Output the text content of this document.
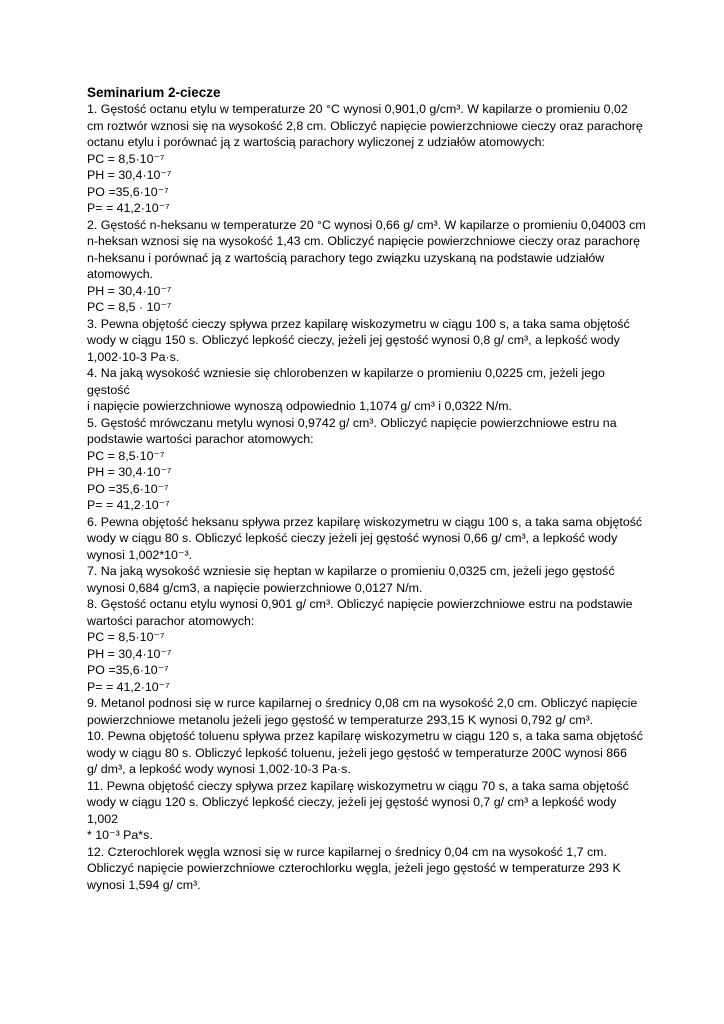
Seminarium 2-ciecze

1. Gęstość octanu etylu w temperaturze 20 °C wynosi 0,901,0 g/cm³. W kapilarze o promieniu 0,02

cm roztwór wznosi się na wysokość 2,8 cm. Obliczyć napięcie powierzchniowe cieczy oraz parachorę

octanu etylu i porównać ją z wartością parachory wyliczonej z udziałów atomowych:

PC = 8,5·10⁻⁷

PH = 30,4·10⁻⁷

PO =35,6·10⁻⁷

P= = 41,2·10⁻⁷

2. Gęstość n-heksanu w temperaturze 20 °C wynosi 0,66 g/ cm³. W kapilarze o promieniu 0,04003 cm

n-heksan wznosi się na wysokość 1,43 cm. Obliczyć napięcie powierzchniowe cieczy oraz parachorę

n-heksanu i porównać ją z wartością parachory tego związku uzyskaną na podstawie udziałów

atomowych.

PH = 30,4·10⁻⁷

PC = 8,5 · 10⁻⁷

3. Pewna objętość cieczy spływa przez kapilarę wiskozymetru w ciągu 100 s, a taka sama objętość

wody w ciągu 150 s. Obliczyć lepkość cieczy, jeżeli jej gęstość wynosi 0,8 g/ cm³, a lepkość wody

1,002·10-3 Pa·s.

4. Na jaką wysokość wzniesie się chlorobenzen w kapilarze o promieniu 0,0225 cm, jeżeli jego gęstość

i napięcie powierzchniowe wynoszą odpowiednio 1,1074 g/ cm³ i 0,0322 N/m.

5. Gęstość mrówczanu metylu wynosi 0,9742 g/ cm³. Obliczyć napięcie powierzchniowe estru na

podstawie wartości parachor atomowych:

PC = 8,5·10⁻⁷

PH = 30,4·10⁻⁷

PO =35,6·10⁻⁷

P= = 41,2·10⁻⁷

6. Pewna objętość heksanu spływa przez kapilarę wiskozymetru w ciągu 100 s, a taka sama objętość

wody w ciągu 80 s. Obliczyć lepkość cieczy jeżeli jej gęstość wynosi 0,66 g/ cm³, a lepkość wody

wynosi 1,002*10⁻³.

7. Na jaką wysokość wzniesie się heptan w kapilarze o promieniu 0,0325 cm, jeżeli jego gęstość

wynosi 0,684 g/cm3, a napięcie powierzchniowe 0,0127 N/m.

8. Gęstość octanu etylu wynosi 0,901 g/ cm³. Obliczyć napięcie powierzchniowe estru na podstawie

wartości parachor atomowych:

PC = 8,5·10⁻⁷

PH = 30,4·10⁻⁷

PO =35,6·10⁻⁷

P= = 41,2·10⁻⁷

9. Metanol podnosi się w rurce kapilarnej o średnicy 0,08 cm na wysokość 2,0 cm. Obliczyć napięcie

powierzchniowe metanolu jeżeli jego gęstość w temperaturze 293,15 K wynosi 0,792 g/ cm³.

10. Pewna objętość toluenu spływa przez kapilarę wiskozymetru w ciągu 120 s, a taka sama objętość

wody w ciągu 80 s. Obliczyć lepkość toluenu, jeżeli jego gęstość w temperaturze 200C wynosi 866

g/ dm³, a lepkość wody wynosi 1,002·10-3 Pa·s.

11. Pewna objętość cieczy spływa przez kapilarę wiskozymetru w ciągu 70 s, a taka sama objętość

wody w ciągu 120 s. Obliczyć lepkość cieczy, jeżeli jej gęstość wynosi 0,7 g/ cm³ a lepkość wody 1,002

* 10⁻³ Pa*s.

12. Czterochlorek węgla wznosi się w rurce kapilarnej o średnicy 0,04 cm na wysokość 1,7 cm.

Obliczyć napięcie powierzchniowe czterochlorku węgla, jeżeli jego gęstość w temperaturze 293 K

wynosi 1,594 g/ cm³.
